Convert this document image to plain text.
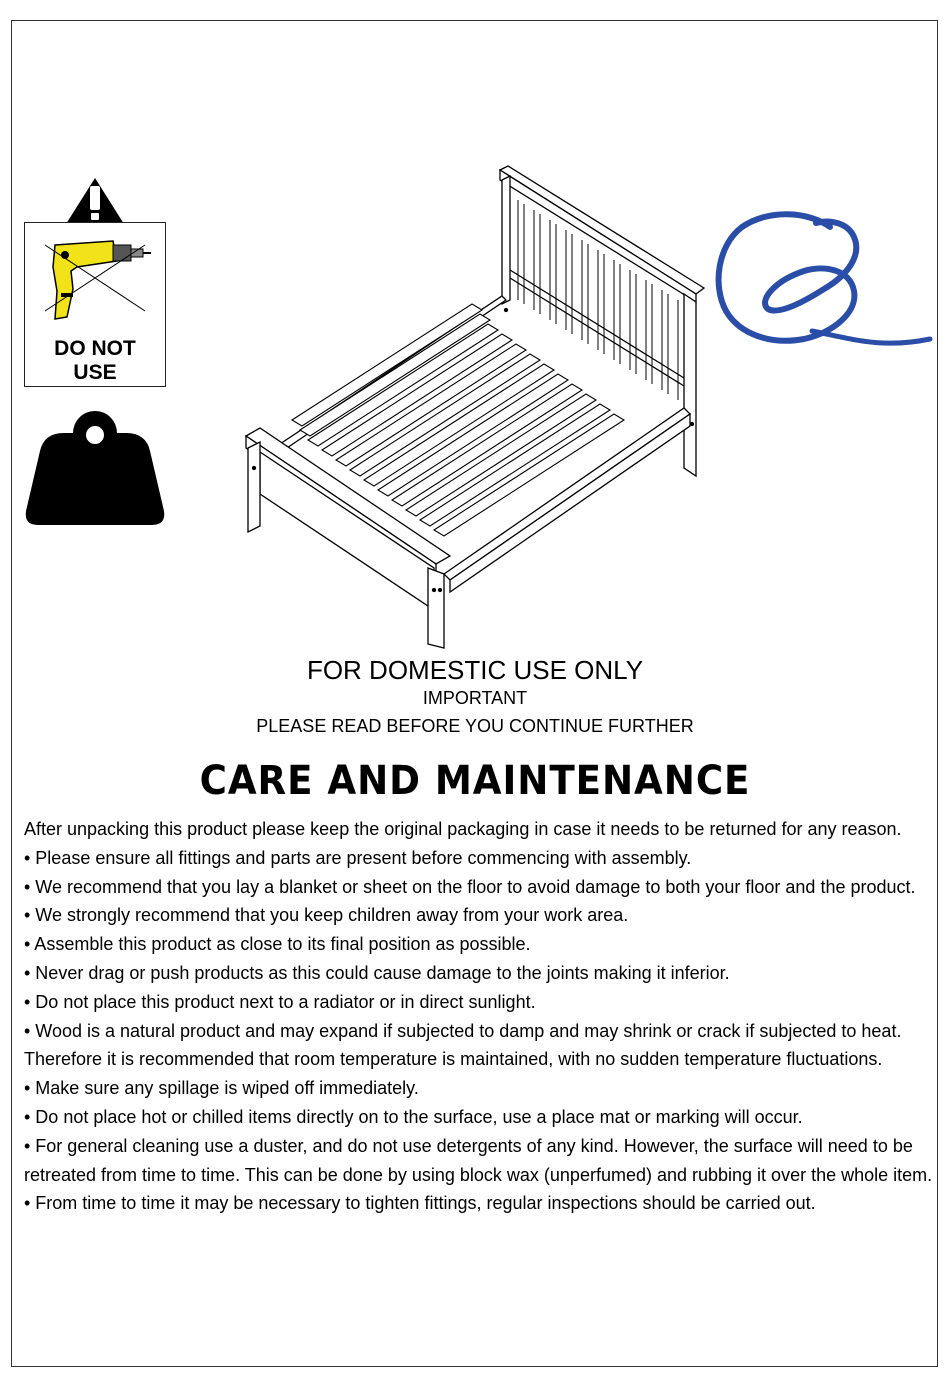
DO NOT
USE
FOR DOMESTIC USE ONLY
IMPORTANT
PLEASE READ BEFORE YOU CONTINUE FURTHER
CARE AND MAINTENANCE

After unpacking this product please keep the original packaging in case it needs to be returned for any reason.

• Please ensure all fittings and parts are present before commencing with assembly.

• We recommend that you lay a blanket or sheet on the floor to avoid damage to both your floor and the product.

• We strongly recommend that you keep children away from your work area.

• Assemble this product as close to its final position as possible.

• Never drag or push products as this could cause damage to the joints making it inferior.

• Do not place this product next to a radiator or in direct sunlight.

• Wood is a natural product and may expand if subjected to damp and may shrink or crack if subjected to heat. Therefore it is recommended that room temperature is maintained, with no sudden temperature fluctuations.

• Make sure any spillage is wiped off immediately.

• Do not place hot or chilled items directly on to the surface, use a place mat or marking will occur.

• For general cleaning use a duster, and do not use detergents of any kind. However, the surface will need to be retreated from time to time. This can be done by using block wax (unperfumed) and rubbing it over the whole item.

• From time to time it may be necessary to tighten fittings, regular inspections should be carried out.
